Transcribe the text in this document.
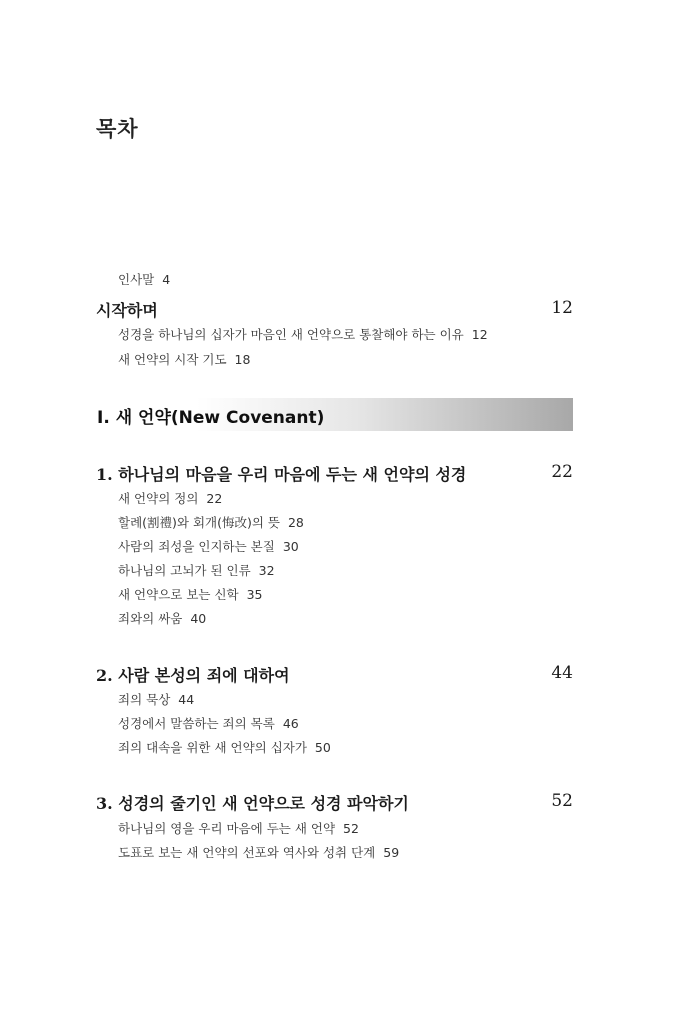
목차
인사말 4
시작하며	12
성경을 하나님의 십자가 마음인 새 언약으로 통찰해야 하는 이유 12
새 언약의 시작 기도 18
Ⅰ. 새 언약(New Covenant)
1. 하나님의 마음을 우리 마음에 두는 새 언약의 성경	22
새 언약의 정의 22
할례(割禮)와 회개(悔改)의 뜻 28
사람의 죄성을 인지하는 본질 30
하나님의 고뇌가 된 인류 32
새 언약으로 보는 신학 35
죄와의 싸움 40
2. 사람 본성의 죄에 대하여	44
죄의 묵상 44
성경에서 말씀하는 죄의 목록 46
죄의 대속을 위한 새 언약의 십자가 50
3. 성경의 줄기인 새 언약으로 성경 파악하기	52
하나님의 영을 우리 마음에 두는 새 언약 52
도표로 보는 새 언약의 선포와 역사와 성취 단계 59
